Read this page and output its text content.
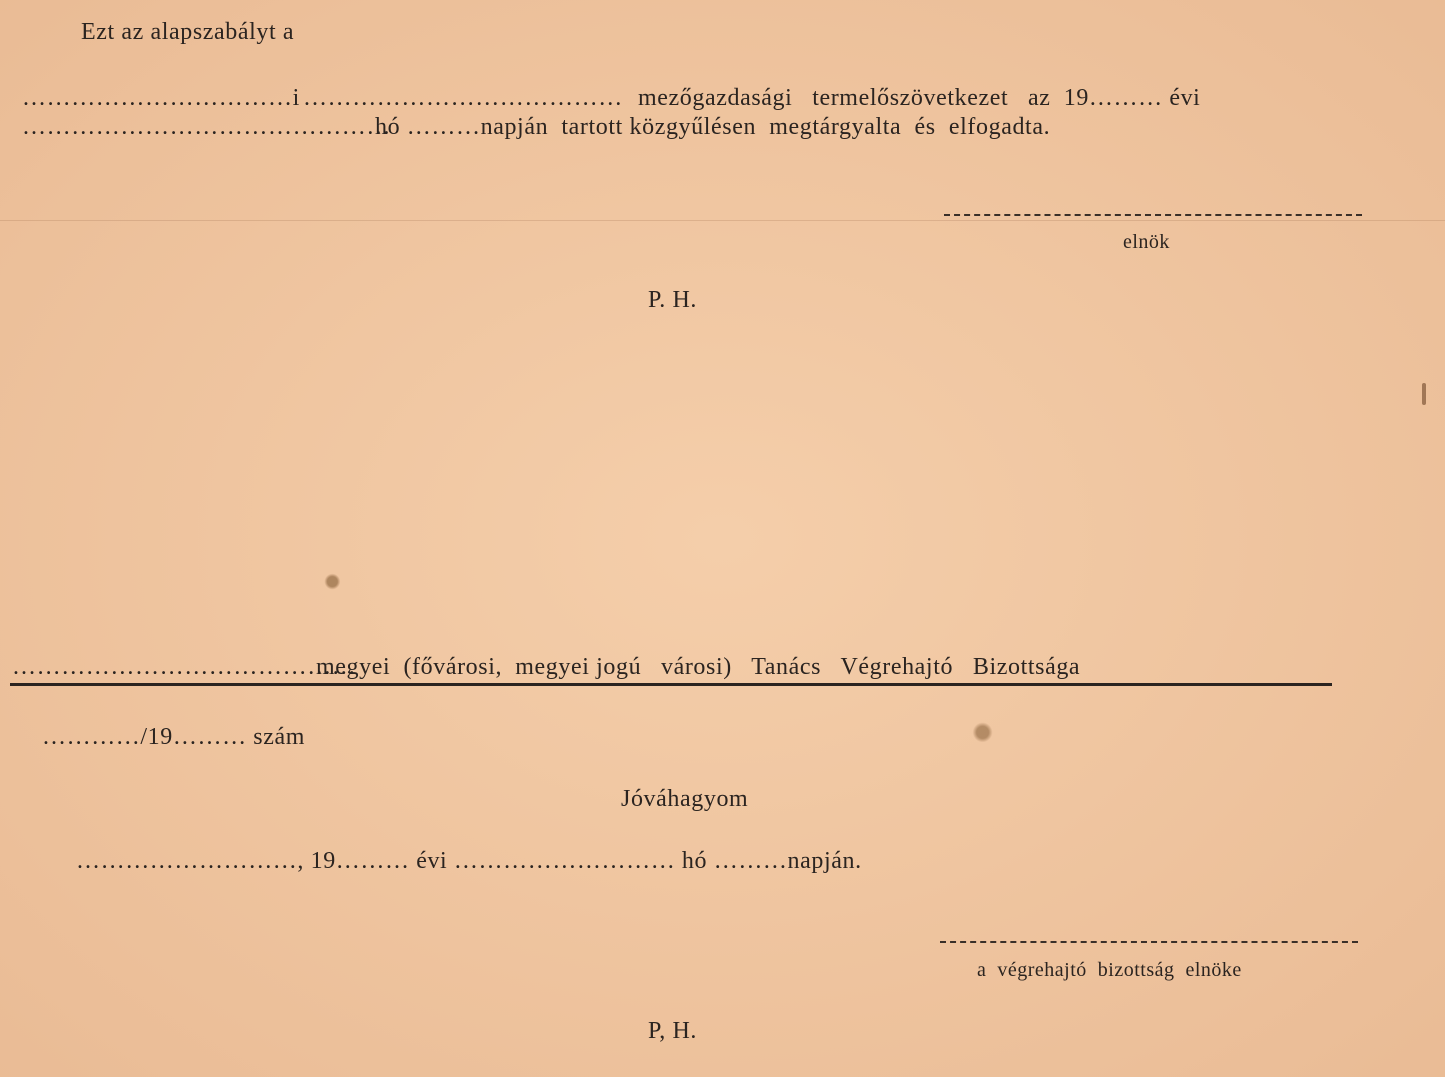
Ezt az alapszabályt a
……………………………i ………………………………… mezőgazdasági   termelőszövetkezet   az  19……… évi
………………………………………
hó ………napján  tartott közgyűlésen  megtárgyalta  és  elfogadta.
elnök
P. H.
……………………………………
megyei  (fővárosi,  megyei jogú   városi)   Tanács   Végrehajtó   Bizottsága
…………/19……… szám
Jóváhagyom
………………………, 19……… évi ……………………… hó ………napján.
a  végrehajtó  bizottság  elnöke
P, H.
